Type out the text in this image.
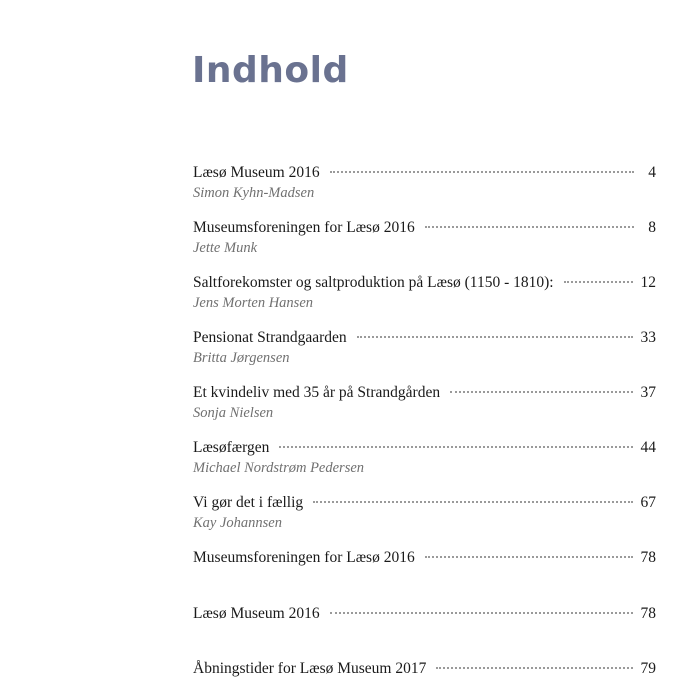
Indhold
Læsø Museum 2016	4
Simon Kyhn-Madsen
Museumsforeningen for Læsø 2016	8
Jette Munk
Saltforekomster og saltproduktion på Læsø (1150 - 1810):	12
Jens Morten Hansen
Pensionat Strandgaarden	33
Britta Jørgensen
Et kvindeliv med 35 år på Strandgården	37
Sonja Nielsen
Læsøfærgen	44
Michael Nordstrøm Pedersen
Vi gør det i fællig	67
Kay Johannsen
Museumsforeningen for Læsø 2016	78
Læsø Museum 2016	78
Åbningstider for Læsø Museum 2017	79
